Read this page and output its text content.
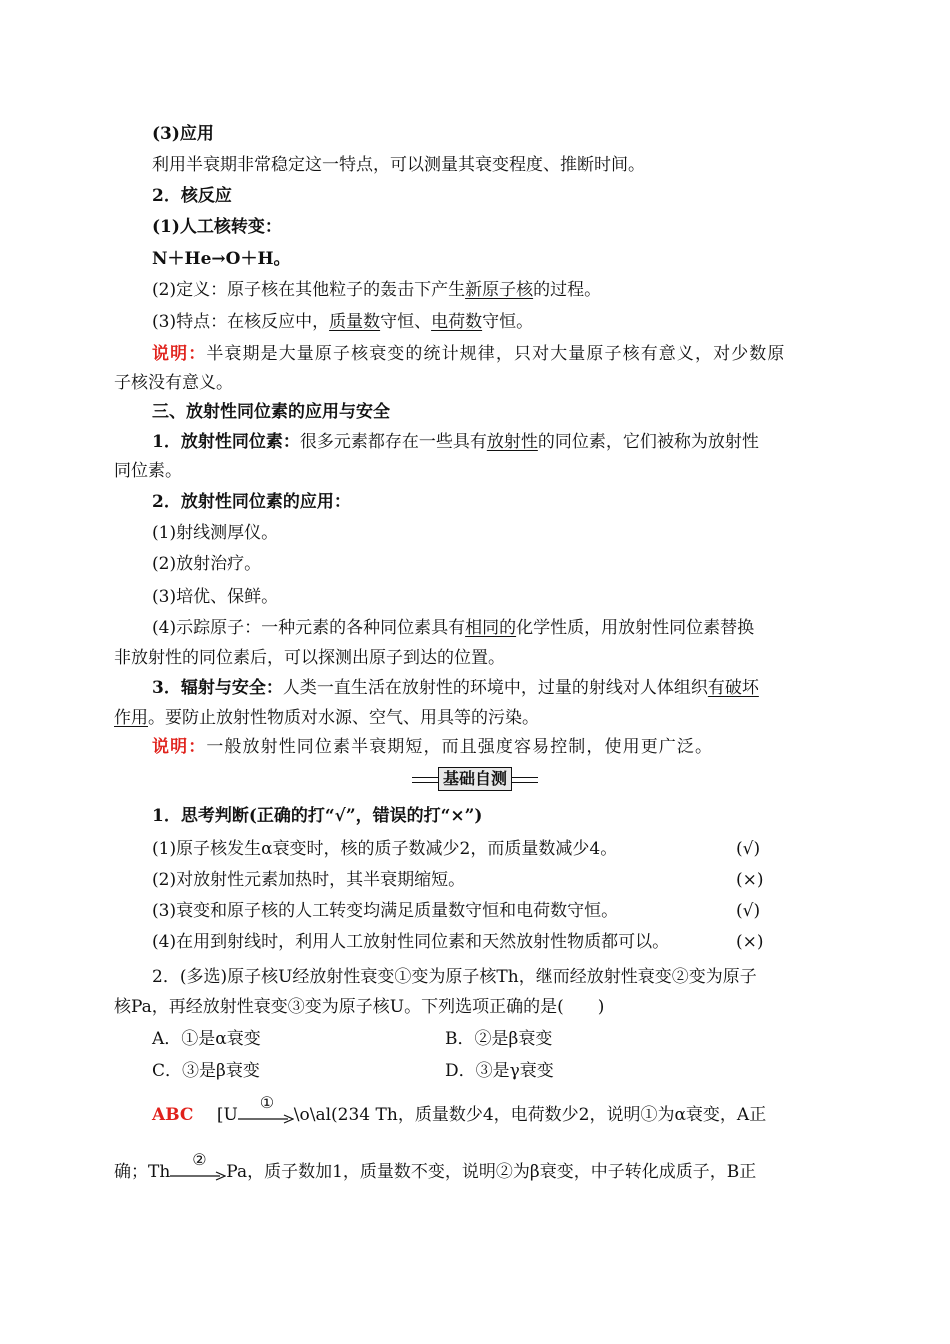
(3)应用
利用半衰期非常稳定这一特点，可以测量其衰变程度、推断时间。
2．核反应
(1)人工核转变：
N＋He→O＋H。
(2)定义：原子核在其他粒子的轰击下产生新原子核的过程。
(3)特点：在核反应中，质量数守恒、电荷数守恒。
说明：半衰期是大量原子核衰变的统计规律，只对大量原子核有意义，对少数原
子核没有意义。
三、放射性同位素的应用与安全
1．放射性同位素：很多元素都存在一些具有放射性的同位素，它们被称为放射性
同位素。
2．放射性同位素的应用：
(1)射线测厚仪。
(2)放射治疗。
(3)培优、保鲜。
(4)示踪原子：一种元素的各种同位素具有相同的化学性质，用放射性同位素替换
非放射性的同位素后，可以探测出原子到达的位置。
3．辐射与安全：人类一直生活在放射性的环境中，过量的射线对人体组织有破坏
作用。要防止放射性物质对水源、空气、用具等的污染。
说明：一般放射性同位素半衰期短，而且强度容易控制，使用更广泛。
基础自测
1．思考判断(正确的打“√”，错误的打“×”)
(1)原子核发生α衰变时，核的质子数减少2，而质量数减少4。	(√)
(2)对放射性元素加热时，其半衰期缩短。	(×)
(3)衰变和原子核的人工转变均满足质量数守恒和电荷数守恒。	(√)
(4)在用到射线时，利用人工放射性同位素和天然放射性物质都可以。	(×)
2．(多选)原子核U经放射性衰变①变为原子核Th，继而经放射性衰变②变为原子
核Pa，再经放射性衰变③变为原子核U。下列选项正确的是(　　)
A．①是α衰变	B．②是β衰变
C．③是β衰变	D．③是γ衰变
ABC [U
①
\o\al(234 Th，质量数少4，电荷数少2，说明①为α衰变，A正
确；Th
②
Pa，质子数加1，质量数不变，说明②为β衰变，中子转化成质子，B正
